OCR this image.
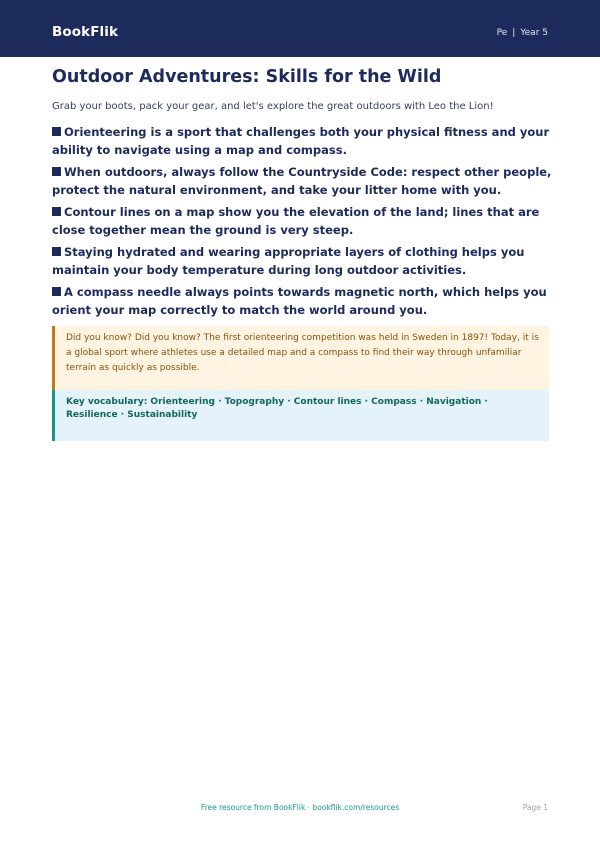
BookFlik	Pe | Year 5
Outdoor Adventures: Skills for the Wild

Grab your boots, pack your gear, and let's explore the great outdoors with Leo the Lion!

Orienteering is a sport that challenges both your physical fitness and your ability to navigate using a map and compass.
When outdoors, always follow the Countryside Code: respect other people, protect the natural environment, and take your litter home with you.
Contour lines on a map show you the elevation of the land; lines that are close together mean the ground is very steep.
Staying hydrated and wearing appropriate layers of clothing helps you maintain your body temperature during long outdoor activities.
A compass needle always points towards magnetic north, which helps you orient your map correctly to match the world around you.
Did you know? Did you know? The first orienteering competition was held in Sweden in 1897! Today, it is a global sport where athletes use a detailed map and a compass to find their way through unfamiliar terrain as quickly as possible.
Key vocabulary: Orienteering · Topography · Contour lines · Compass · Navigation · Resilience · Sustainability
Free resource from BookFlik · bookflik.com/resources	Page 1
